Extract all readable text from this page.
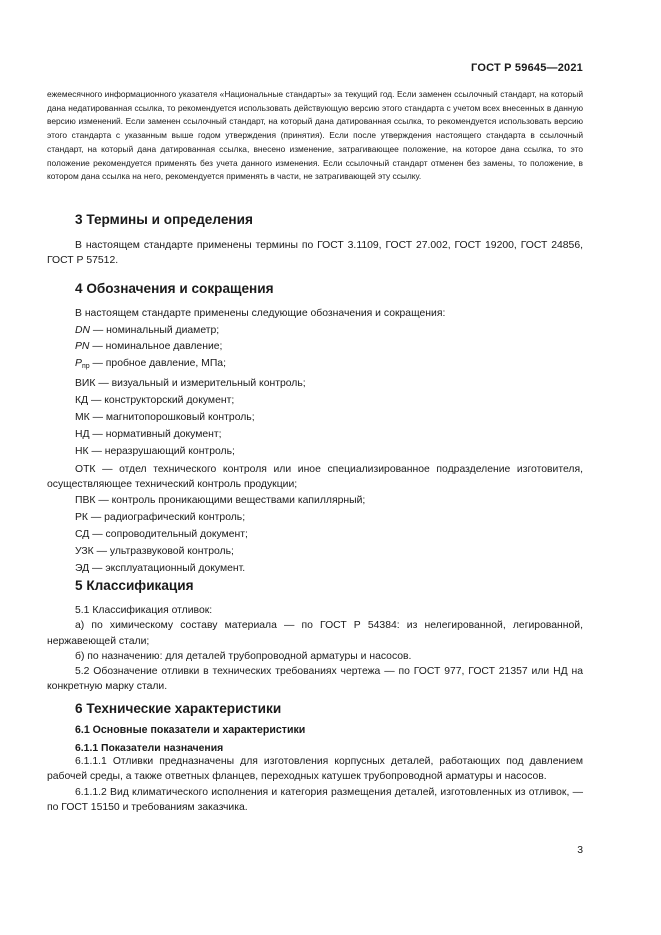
ГОСТ Р 59645—2021
ежемесячного информационного указателя «Национальные стандарты» за текущий год. Если заменен ссылочный стандарт, на который дана недатированная ссылка, то рекомендуется использовать действующую версию этого стандарта с учетом всех внесенных в данную версию изменений. Если заменен ссылочный стандарт, на который дана датированная ссылка, то рекомендуется использовать версию этого стандарта с указанным выше годом утверждения (принятия). Если после утверждения настоящего стандарта в ссылочный стандарт, на который дана датированная ссылка, внесено изменение, затрагивающее положение, на которое дана ссылка, то это положение рекомендуется применять без учета данного изменения. Если ссылочный стандарт отменен без замены, то положение, в котором дана ссылка на него, рекомендуется применять в части, не затрагивающей эту ссылку.
3 Термины и определения

В настоящем стандарте применены термины по ГОСТ 3.1109, ГОСТ 27.002, ГОСТ 19200, ГОСТ 24856, ГОСТ Р 57512.

4 Обозначения и сокращения

В настоящем стандарте применены следующие обозначения и сокращения:

DN — номинальный диаметр;
PN — номинальное давление;
$P_{пр}$ — пробное давление, МПа;
ВИК — визуальный и измерительный контроль;
КД — конструкторский документ;
МК — магнитопорошковый контроль;
НД — нормативный документ;
НК — неразрушающий контроль;
ОТК — отдел технического контроля или иное специализированное подразделение изготовителя, осуществляющее технический контроль продукции;
ПВК — контроль проникающими веществами капиллярный;
РК — радиографический контроль;
СД — сопроводительный документ;
УЗК — ультразвуковой контроль;
ЭД — эксплуатационный документ.
5 Классификация

5.1 Классификация отливок:

а) по химическому составу материала — по ГОСТ Р 54384: из нелегированной, легированной, нержавеющей стали;

б) по назначению: для деталей трубопроводной арматуры и насосов.

5.2 Обозначение отливки в технических требованиях чертежа — по ГОСТ 977, ГОСТ 21357 или НД на конкретную марку стали.

6 Технические характеристики
6.1 Основные показатели и характеристики
6.1.1 Показатели назначения

6.1.1.1 Отливки предназначены для изготовления корпусных деталей, работающих под давлением рабочей среды, а также ответных фланцев, переходных катушек трубопроводной арматуры и насосов.

6.1.1.2 Вид климатического исполнения и категория размещения деталей, изготовленных из отливок, — по ГОСТ 15150 и требованиям заказчика.

3
